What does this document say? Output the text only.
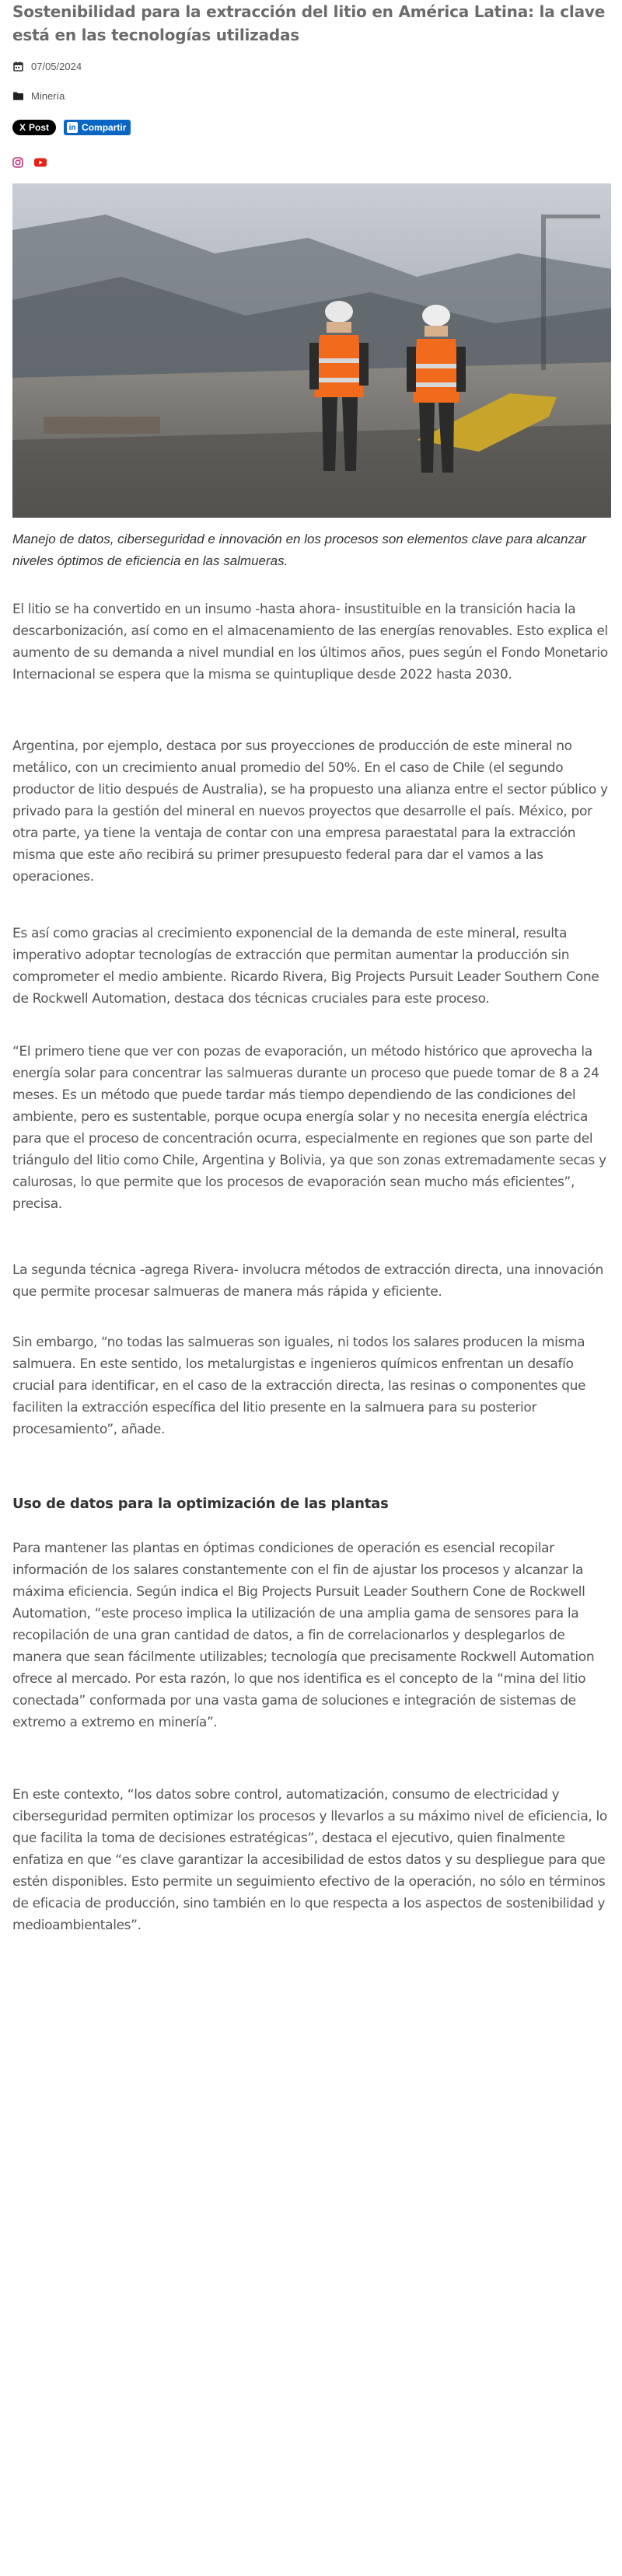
Sostenibilidad para la extracción del litio en América Latina: la clave está en las tecnologías utilizadas
07/05/2024
Minería
X Post	in Compartir
Manejo de datos, ciberseguridad e innovación en los procesos son elementos clave para alcanzar niveles óptimos de eficiencia en las salmueras.

El litio se ha convertido en un insumo -hasta ahora- insustituible en la transición hacia la descarbonización, así como en el almacenamiento de las energías renovables. Esto explica el aumento de su demanda a nivel mundial en los últimos años, pues según el Fondo Monetario Internacional se espera que la misma se quintuplique desde 2022 hasta 2030.

Argentina, por ejemplo, destaca por sus proyecciones de producción de este mineral no metálico, con un crecimiento anual promedio del 50%. En el caso de Chile (el segundo productor de litio después de Australia), se ha propuesto una alianza entre el sector público y privado para la gestión del mineral en nuevos proyectos que desarrolle el país. México, por otra parte, ya tiene la ventaja de contar con una empresa paraestatal para la extracción misma que este año recibirá su primer presupuesto federal para dar el vamos a las operaciones.

Es así como gracias al crecimiento exponencial de la demanda de este mineral, resulta imperativo adoptar tecnologías de extracción que permitan aumentar la producción sin comprometer el medio ambiente. Ricardo Rivera, Big Projects Pursuit Leader Southern Cone de Rockwell Automation, destaca dos técnicas cruciales para este proceso.

“El primero tiene que ver con pozas de evaporación, un método histórico que aprovecha la energía solar para concentrar las salmueras durante un proceso que puede tomar de 8 a 24 meses. Es un método que puede tardar más tiempo dependiendo de las condiciones del ambiente, pero es sustentable, porque ocupa energía solar y no necesita energía eléctrica para que el proceso de concentración ocurra, especialmente en regiones que son parte del triángulo del litio como Chile, Argentina y Bolivia, ya que son zonas extremadamente secas y calurosas, lo que permite que los procesos de evaporación sean mucho más eficientes”, precisa.

La segunda técnica -agrega Rivera- involucra métodos de extracción directa, una innovación que permite procesar salmueras de manera más rápida y eficiente.

Sin embargo, “no todas las salmueras son iguales, ni todos los salares producen la misma salmuera. En este sentido, los metalurgistas e ingenieros químicos enfrentan un desafío crucial para identificar, en el caso de la extracción directa, las resinas o componentes que faciliten la extracción específica del litio presente en la salmuera para su posterior procesamiento”, añade.

Uso de datos para la optimización de las plantas

Para mantener las plantas en óptimas condiciones de operación es esencial recopilar información de los salares constantemente con el fin de ajustar los procesos y alcanzar la máxima eficiencia. Según indica el Big Projects Pursuit Leader Southern Cone de Rockwell Automation, “este proceso implica la utilización de una amplia gama de sensores para la recopilación de una gran cantidad de datos, a fin de correlacionarlos y desplegarlos de manera que sean fácilmente utilizables; tecnología que precisamente Rockwell Automation ofrece al mercado. Por esta razón, lo que nos identifica es el concepto de la “mina del litio conectada” conformada por una vasta gama de soluciones e integración de sistemas de extremo a extremo en minería”.

En este contexto, “los datos sobre control, automatización, consumo de electricidad y ciberseguridad permiten optimizar los procesos y llevarlos a su máximo nivel de eficiencia, lo que facilita la toma de decisiones estratégicas”, destaca el ejecutivo, quien finalmente enfatiza en que “es clave garantizar la accesibilidad de estos datos y su despliegue para que estén disponibles. Esto permite un seguimiento efectivo de la operación, no sólo en términos de eficacia de producción, sino también en lo que respecta a los aspectos de sostenibilidad y medioambientales”.
